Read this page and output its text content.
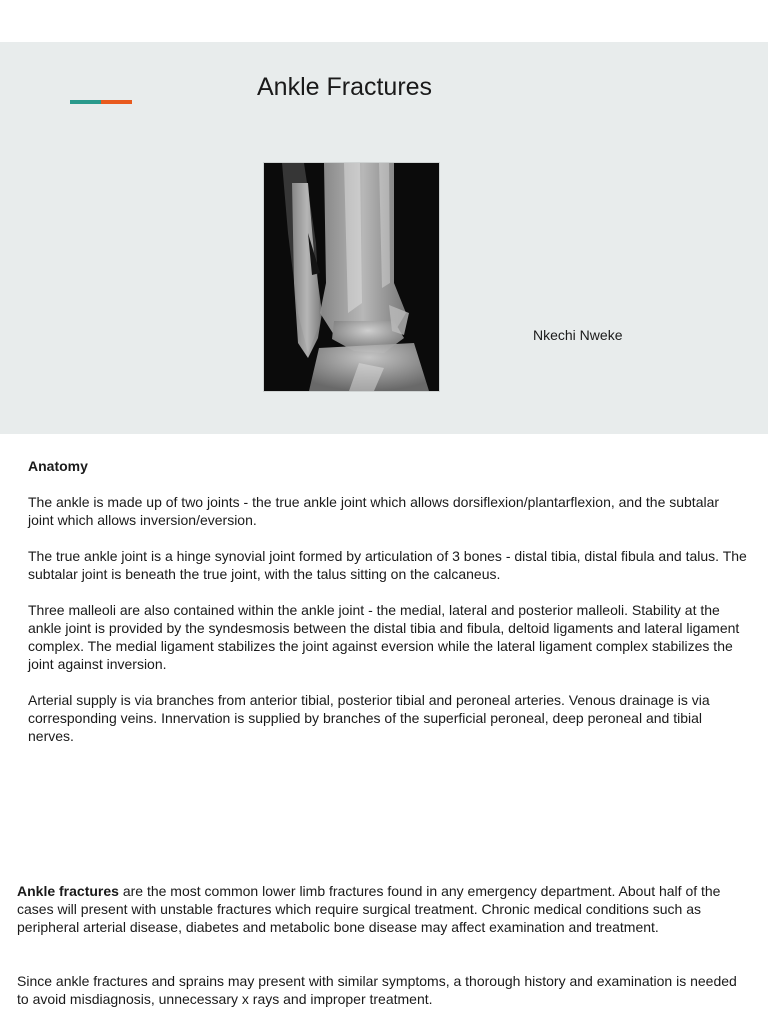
Ankle Fractures
Nkechi Nweke

Anatomy

The ankle is made up of two joints - the true ankle joint which allows dorsiflexion/plantarflexion, and the subtalar joint which allows inversion/eversion.

The true ankle joint is a hinge synovial joint formed by articulation of 3 bones - distal tibia, distal fibula and talus. The subtalar joint is beneath the true joint, with the talus sitting on the calcaneus.

Three malleoli are also contained within the ankle joint - the medial, lateral and posterior malleoli. Stability at the ankle joint is provided by the syndesmosis between the distal tibia and fibula, deltoid ligaments and lateral ligament complex. The medial ligament stabilizes the joint against eversion while the lateral ligament complex stabilizes the joint against inversion.

Arterial supply is via branches from anterior tibial, posterior tibial and peroneal arteries. Venous drainage is via corresponding veins. Innervation is supplied by branches of the superficial peroneal, deep peroneal and tibial nerves.

Ankle fractures are the most common lower limb fractures found in any emergency department. About half of the cases will present with unstable fractures which require surgical treatment. Chronic medical conditions such as peripheral arterial disease, diabetes and metabolic bone disease may affect examination and treatment.

Since ankle fractures and sprains may present with similar symptoms, a thorough history and examination is needed to avoid misdiagnosis, unnecessary x rays and improper treatment.
